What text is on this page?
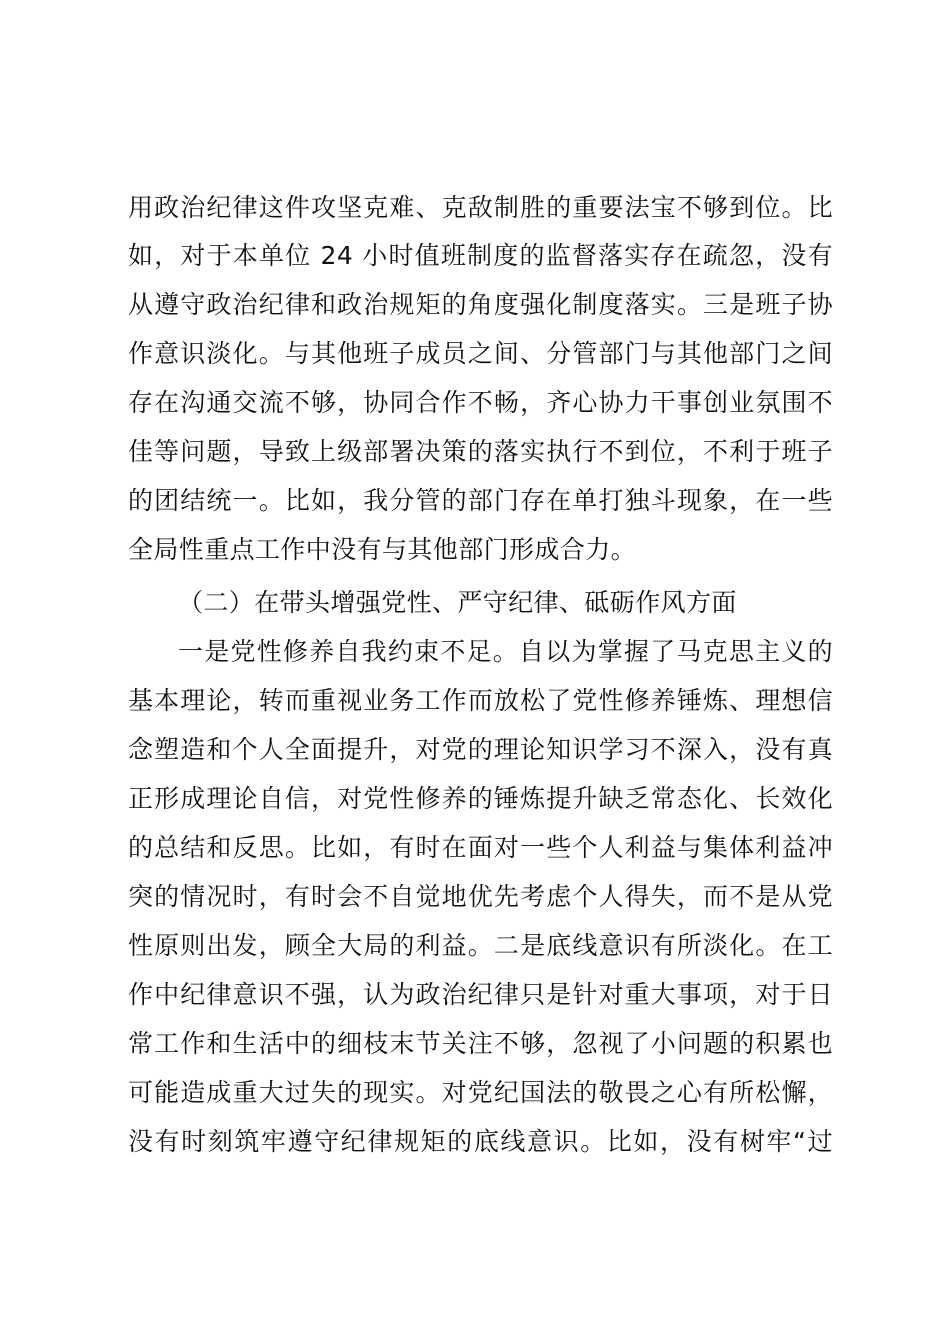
用政治纪律这件攻坚克难、克敌制胜的重要法宝不够到位。比
如，对于本单位 24 小时值班制度的监督落实存在疏忽，没有
从遵守政治纪律和政治规矩的角度强化制度落实。三是班子协
作意识淡化。与其他班子成员之间、分管部门与其他部门之间
存在沟通交流不够，协同合作不畅，齐心协力干事创业氛围不
佳等问题，导致上级部署决策的落实执行不到位，不利于班子
的团结统一。比如，我分管的部门存在单打独斗现象，在一些
全局性重点工作中没有与其他部门形成合力。
（二）在带头增强党性、严守纪律、砥砺作风方面
一是党性修养自我约束不足。自以为掌握了马克思主义的
基本理论，转而重视业务工作而放松了党性修养锤炼、理想信
念塑造和个人全面提升，对党的理论知识学习不深入，没有真
正形成理论自信，对党性修养的锤炼提升缺乏常态化、长效化
的总结和反思。比如，有时在面对一些个人利益与集体利益冲
突的情况时，有时会不自觉地优先考虑个人得失，而不是从党
性原则出发，顾全大局的利益。二是底线意识有所淡化。在工
作中纪律意识不强，认为政治纪律只是针对重大事项，对于日
常工作和生活中的细枝末节关注不够，忽视了小问题的积累也
可能造成重大过失的现实。对党纪国法的敬畏之心有所松懈，
没有时刻筑牢遵守纪律规矩的底线意识。比如，没有树牢“过
